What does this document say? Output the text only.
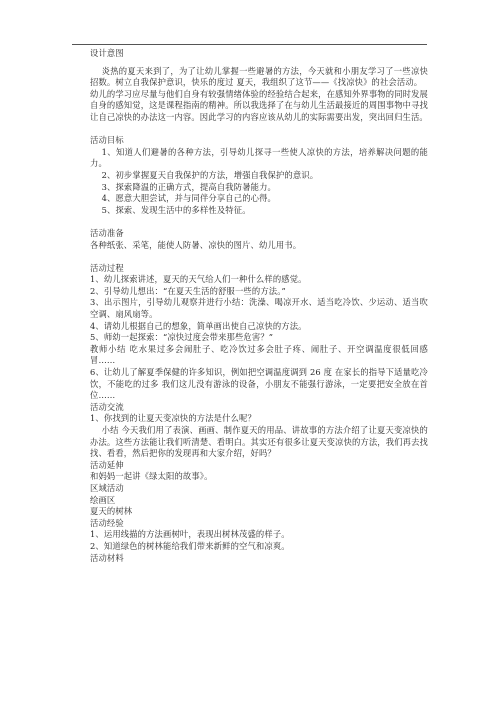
设计意图

炎热的夏天来到了，为了让幼儿掌握一些避暑的方法，今天就和小朋友学习了一些凉快招数。树立自我保护意识，快乐的度过 夏天，我组织了这节——《找凉快》的社会活动。

幼儿的学习应尽量与他们自身有较强情绪体验的经验结合起来，在感知外界事物的同时发展自身的感知觉，这是课程指南的精神。所以我选择了在与幼儿生活最接近的周围事物中寻找让自己凉快的办法这一内容。因此学习的内容应该从幼儿的实际需要出发，突出回归生活。

活动目标

1、知道人们避暑的各种方法，引导幼儿探寻一些使人凉快的方法，培养解决问题的能力。

2、初步掌握夏天自我保护的方法，增强自我保护的意识。

3、探索降温的正确方式，提高自我防暑能力。

4、愿意大胆尝试，并与同伴分享自己的心得。

5、探索、发现生活中的多样性及特征。

活动准备

各种纸张、采笔，能使人防暑、凉快的图片、幼儿用书。

活动过程

1、幼儿探索讲述，夏天的天气给人们一种什么样的感觉。

2、引导幼儿想出：“在夏天生活的舒服一些的方法。”

3、出示图片，引导幼儿观察并进行小结：洗澡、喝凉开水、适当吃冷饮、少运动、适当吹空调、扇风扇等。

4、请幼儿根据自己的想象，简单画出使自己凉快的方法。

5、师幼一起探索：“凉快过度会带来那些危害？”

教师小结 吃水果过多会闹肚子、吃冷饮过多会肚子疼、闹肚子、开空调温度很低回感冒……

6、让幼儿了解夏季保健的许多知识，例如把空调温度调到 26 度 在家长的指导下适量吃冷饮，不能吃的过多 我们这儿没有游泳的设备，小朋友不能强行游泳，一定要把安全放在首位……

活动交流

1、你找到的让夏天变凉快的方法是什么呢？

小结 今天我们用了表演、画画、制作夏天的用品、讲故事的方法介绍了让夏天变凉快的办法。这些方法能让我们听清楚、看明白。其实还有很多让夏天变凉快的方法，我们再去找找、看看，然后把你的发现再和大家介绍，好吗？

活动延伸

和妈妈一起讲《绿太阳的故事》。

区域活动

绘画区

夏天的树林

活动经验

1、运用线描的方法画树叶，表现出树林茂盛的样子。

2、知道绿色的树林能给我们带来新鲜的空气和凉爽。

活动材料
